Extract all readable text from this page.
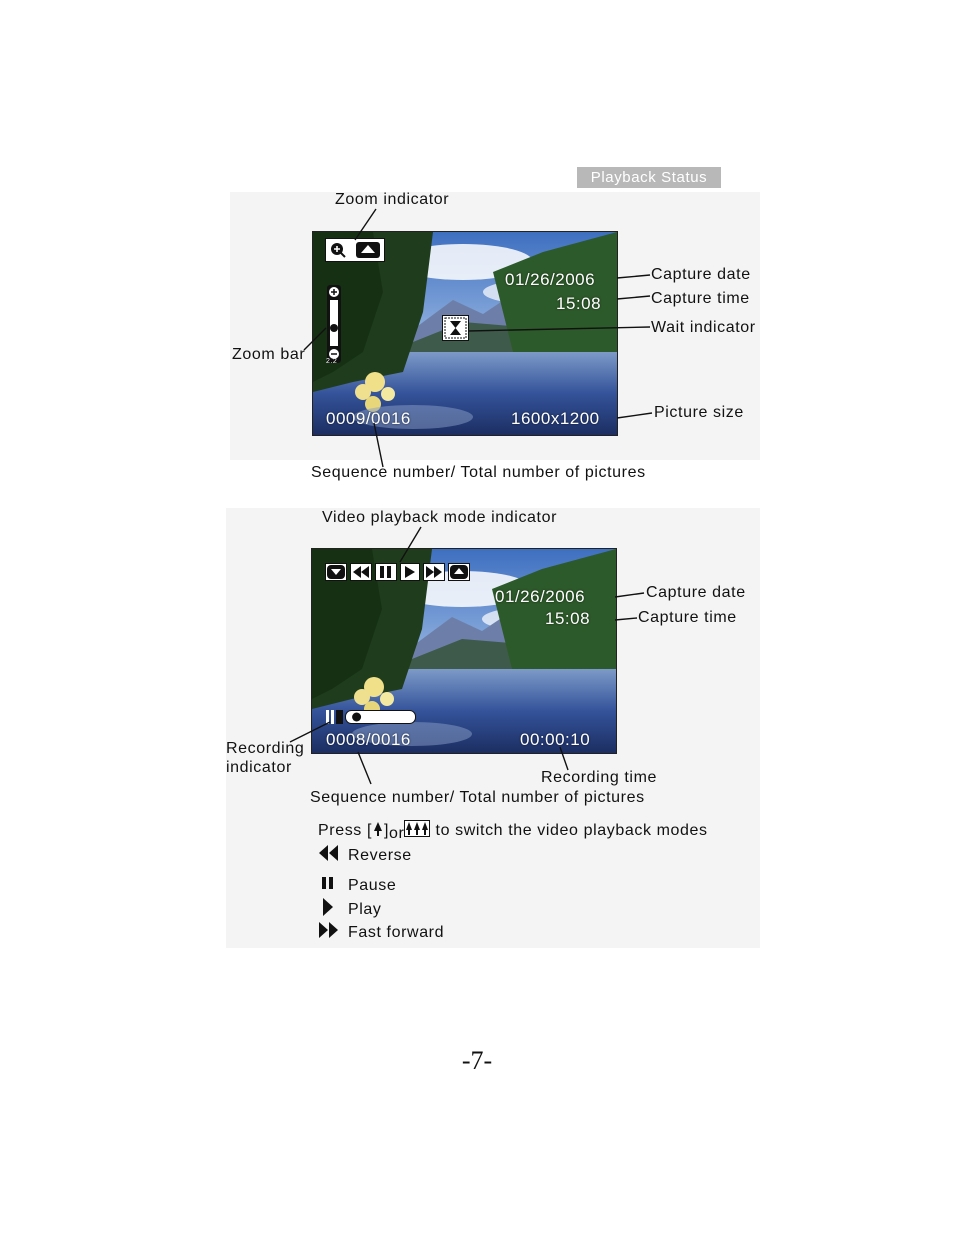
Playback Status
2.2
01/26/2006
15:08
0009/0016	1600x1200
Zoom indicator
Zoom bar
Capture date
Capture time
Wait indicator
Picture size
Sequence number/ Total number of pictures
01/26/2006
15:08
0008/0016	00:00:10
Video playback mode indicator
Capture date
Capture time
Recording
indicator
Recording time
Sequence number/ Total number of pictures
Press [ ]or to switch the video playback modes
Reverse
Pause
Play
Fast forward
-7-
